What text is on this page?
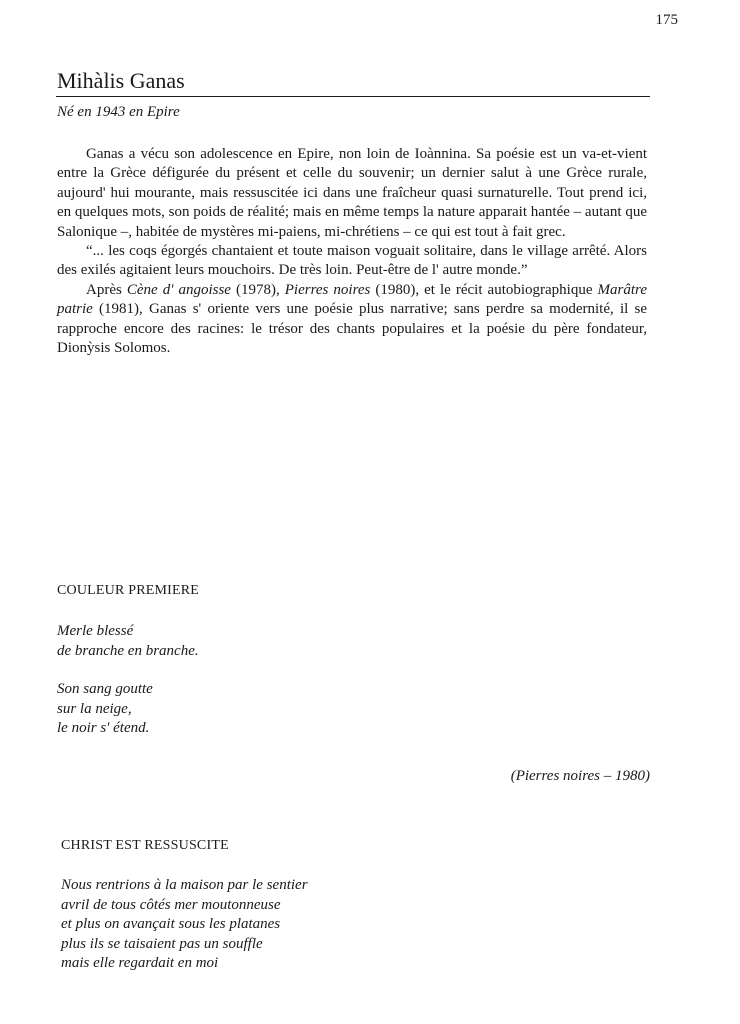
175
Mihàlis Ganas
Né en 1943 en Epire

Ganas a vécu son adolescence en Epire, non loin de Ioànnina. Sa poésie est un va-et-vient entre la Grèce défigurée du présent et celle du souvenir; un dernier salut à une Grèce rurale, aujourd' hui mourante, mais ressuscitée ici dans une fraîcheur quasi surnaturelle. Tout prend ici, en quelques mots, son poids de réalité; mais en même temps la nature apparait hantée – autant que Salonique –, habitée de mystères mi-paiens, mi-chrétiens – ce qui est tout à fait grec.

“... les coqs égorgés chantaient et toute maison voguait solitaire, dans le village arrêté. Alors des exilés agitaient leurs mouchoirs. De très loin. Peut-être de l' autre monde.”

Après Cène d' angoisse (1978), Pierres noires (1980), et le récit autobiographique Marâtre patrie (1981), Ganas s' oriente vers une poésie plus narrative; sans perdre sa modernité, il se rapproche encore des racines: le trésor des chants populaires et la poésie du père fondateur, Dionỳsis Solomos.

COULEUR PREMIERE
Merle blessé
de branche en branche.
Son sang goutte
sur la neige,
le noir s' étend.
(Pierres noires – 1980)
CHRIST EST RESSUSCITE
Nous rentrions à la maison par le sentier
avril de tous côtés mer moutonneuse
et plus on avançait sous les platanes
plus ils se taisaient pas un souffle
mais elle regardait en moi
